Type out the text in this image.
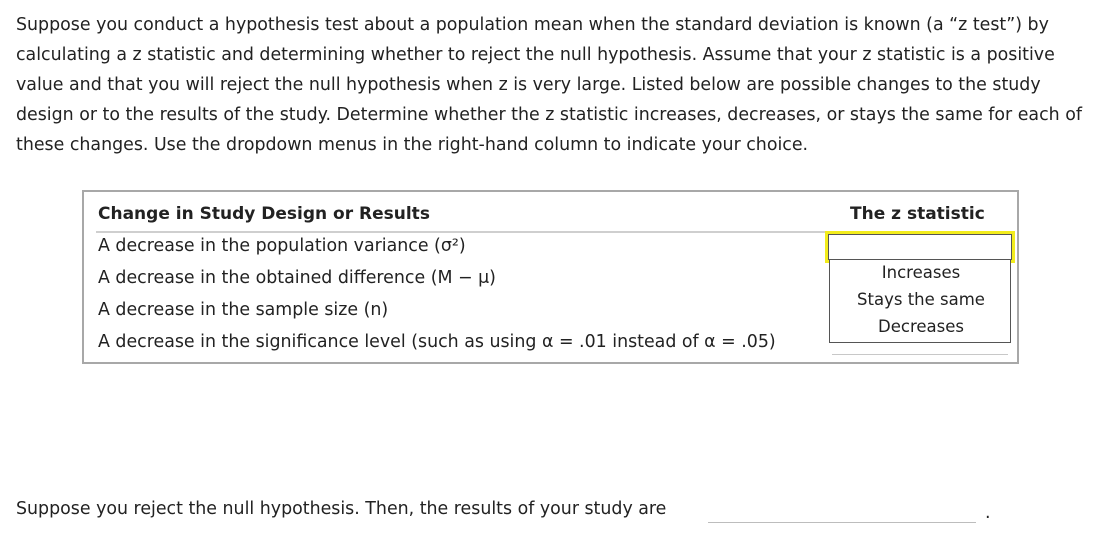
Suppose you conduct a hypothesis test about a population mean when the standard deviation is known (a “z test”) by calculating a z statistic and determining whether to reject the null hypothesis. Assume that your z statistic is a positive value and that you will reject the null hypothesis when z is very large. Listed below are possible changes to the study design or to the results of the study. Determine whether the z statistic increases, decreases, or stays the same for each of these changes. Use the dropdown menus in the right-hand column to indicate your choice.

Change in Study Design or Results	The z statistic
A decrease in the population variance (σ²)
A decrease in the obtained difference (M − μ)
A decrease in the sample size (n)
A decrease in the significance level (such as using α = .01 instead of α = .05)
Increases
Stays the same
Decreases
Suppose you reject the null hypothesis. Then, the results of your study are	.
